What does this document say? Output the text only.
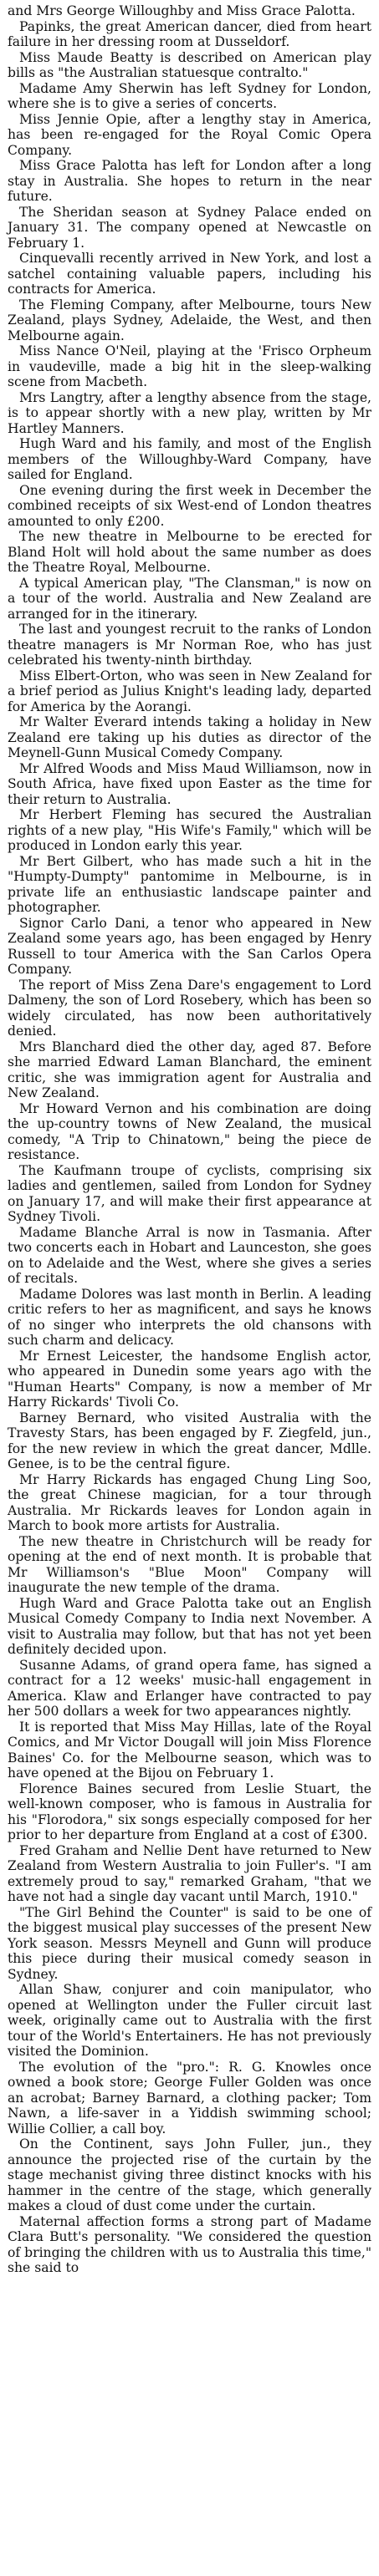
and Mrs George Willoughby and Miss Grace Palotta.

Papinks, the great American dancer, died from heart failure in her dressing room at Dusseldorf.

Miss Maude Beatty is described on American play bills as "the Australian statuesque contralto."

Madame Amy Sherwin has left Sydney for London, where she is to give a series of concerts.

Miss Jennie Opie, after a lengthy stay in America, has been re-engaged for the Royal Comic Opera Company.

Miss Grace Palotta has left for London after a long stay in Australia. She hopes to return in the near future.

The Sheridan season at Sydney Palace ended on January 31. The company opened at Newcastle on February 1.

Cinquevalli recently arrived in New York, and lost a satchel containing valuable papers, including his contracts for America.

The Fleming Company, after Melbourne, tours New Zealand, plays Sydney, Adelaide, the West, and then Melbourne again.

Miss Nance O'Neil, playing at the 'Frisco Orpheum in vaudeville, made a big hit in the sleep-walking scene from Macbeth.

Mrs Langtry, after a lengthy absence from the stage, is to appear shortly with a new play, written by Mr Hartley Manners.

Hugh Ward and his family, and most of the English members of the Willoughby-Ward Company, have sailed for England.

One evening during the first week in December the combined receipts of six West-end of London theatres amounted to only £200.

The new theatre in Melbourne to be erected for Bland Holt will hold about the same number as does the Theatre Royal, Melbourne.

A typical American play, "The Clansman," is now on a tour of the world. Australia and New Zealand are arranged for in the itinerary.

The last and youngest recruit to the ranks of London theatre managers is Mr Norman Roe, who has just celebrated his twenty-ninth birthday.

Miss Elbert-Orton, who was seen in New Zealand for a brief period as Julius Knight's leading lady, departed for America by the Aorangi.

Mr Walter Everard intends taking a holiday in New Zealand ere taking up his duties as director of the Meynell-Gunn Musical Comedy Company.

Mr Alfred Woods and Miss Maud Williamson, now in South Africa, have fixed upon Easter as the time for their return to Australia.

Mr Herbert Fleming has secured the Australian rights of a new play, "His Wife's Family," which will be produced in London early this year.

Mr Bert Gilbert, who has made such a hit in the "Humpty-Dumpty" pantomime in Melbourne, is in private life an enthusiastic landscape painter and photographer.

Signor Carlo Dani, a tenor who appeared in New Zealand some years ago, has been engaged by Henry Russell to tour America with the San Carlos Opera Company.

The report of Miss Zena Dare's engagement to Lord Dalmeny, the son of Lord Rosebery, which has been so widely circulated, has now been authoritatively denied.

Mrs Blanchard died the other day, aged 87. Before she married Edward Laman Blanchard, the eminent critic, she was immigration agent for Australia and New Zealand.

Mr Howard Vernon and his combination are doing the up-country towns of New Zealand, the musical comedy, "A Trip to Chinatown," being the piece de resistance.

The Kaufmann troupe of cyclists, comprising six ladies and gentlemen, sailed from London for Sydney on January 17, and will make their first appearance at Sydney Tivoli.

Madame Blanche Arral is now in Tasmania. After two concerts each in Hobart and Launceston, she goes on to Adelaide and the West, where she gives a series of recitals.

Madame Dolores was last month in Berlin. A leading critic refers to her as magnificent, and says he knows of no singer who interprets the old chansons with such charm and delicacy.

Mr Ernest Leicester, the handsome English actor, who appeared in Dunedin some years ago with the "Human Hearts" Company, is now a member of Mr Harry Rickards' Tivoli Co.

Barney Bernard, who visited Australia with the Travesty Stars, has been engaged by F. Ziegfeld, jun., for the new review in which the great dancer, Mdlle. Genee, is to be the central figure.

Mr Harry Rickards has engaged Chung Ling Soo, the great Chinese magician, for a tour through Australia. Mr Rickards leaves for London again in March to book more artists for Australia.

The new theatre in Christchurch will be ready for opening at the end of next month. It is probable that Mr Williamson's "Blue Moon" Company will inaugurate the new temple of the drama.

Hugh Ward and Grace Palotta take out an English Musical Comedy Company to India next November. A visit to Australia may follow, but that has not yet been definitely decided upon.

Susanne Adams, of grand opera fame, has signed a contract for a 12 weeks' music-hall engagement in America. Klaw and Erlanger have contracted to pay her 500 dollars a week for two appearances nightly.

It is reported that Miss May Hillas, late of the Royal Comics, and Mr Victor Dougall will join Miss Florence Baines' Co. for the Melbourne season, which was to have opened at the Bijou on February 1.

Florence Baines secured from Leslie Stuart, the well-known composer, who is famous in Australia for his "Florodora," six songs especially composed for her prior to her departure from England at a cost of £300.

Fred Graham and Nellie Dent have returned to New Zealand from Western Australia to join Fuller's. "I am extremely proud to say," remarked Graham, "that we have not had a single day vacant until March, 1910."

"The Girl Behind the Counter" is said to be one of the biggest musical play successes of the present New York season. Messrs Meynell and Gunn will produce this piece during their musical comedy season in Sydney.

Allan Shaw, conjurer and coin manipulator, who opened at Wellington under the Fuller circuit last week, originally came out to Australia with the first tour of the World's Entertainers. He has not previously visited the Dominion.

The evolution of the "pro.": R. G. Knowles once owned a book store; George Fuller Golden was once an acrobat; Barney Barnard, a clothing packer; Tom Nawn, a life-saver in a Yiddish swimming school; Willie Collier, a call boy.

On the Continent, says John Fuller, jun., they announce the projected rise of the curtain by the stage mechanist giving three distinct knocks with his hammer in the centre of the stage, which generally makes a cloud of dust come under the curtain.

Maternal affection forms a strong part of Madame Clara Butt's personality. "We considered the question of bringing the children with us to Australia this time," she said to
